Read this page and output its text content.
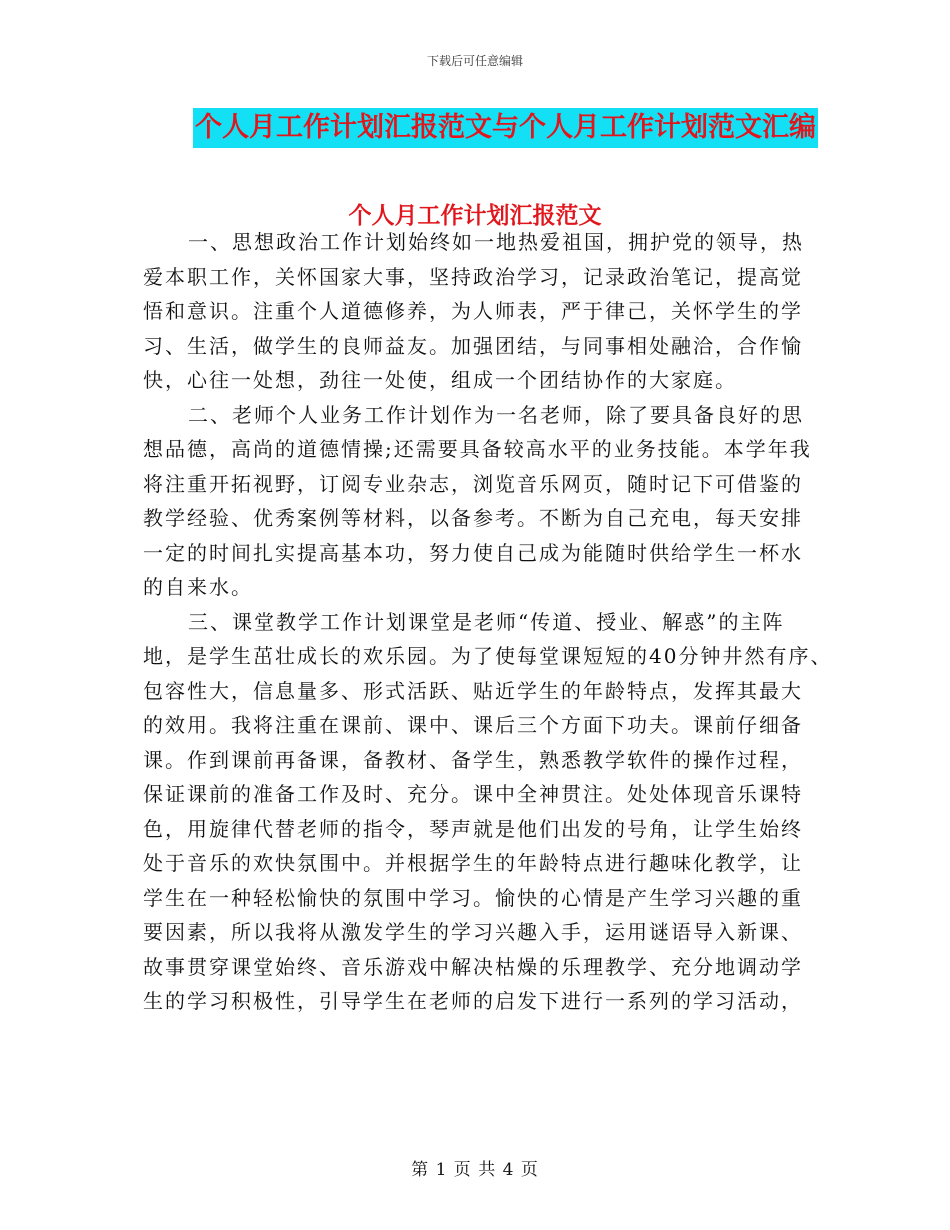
下载后可任意编辑
个人月工作计划汇报范文与个人月工作计划范文汇编
个人月工作计划汇报范文
一、思想政治工作计划始终如一地热爱祖国，拥护党的领导，热
爱本职工作，关怀国家大事，坚持政治学习，记录政治笔记，提高觉
悟和意识。注重个人道德修养，为人师表，严于律己，关怀学生的学
习、生活，做学生的良师益友。加强团结，与同事相处融洽，合作愉
快，心往一处想，劲往一处使，组成一个团结协作的大家庭。
二、老师个人业务工作计划作为一名老师，除了要具备良好的思
想品德，高尚的道德情操;还需要具备较高水平的业务技能。本学年我
将注重开拓视野，订阅专业杂志，浏览音乐网页，随时记下可借鉴的
教学经验、优秀案例等材料，以备参考。不断为自己充电，每天安排
一定的时间扎实提高基本功，努力使自己成为能随时供给学生一杯水
的自来水。
三、课堂教学工作计划课堂是老师“传道、授业、解惑”的主阵
地，是学生茁壮成长的欢乐园。为了使每堂课短短的40分钟井然有序、
包容性大，信息量多、形式活跃、贴近学生的年龄特点，发挥其最大
的效用。我将注重在课前、课中、课后三个方面下功夫。课前仔细备
课。作到课前再备课，备教材、备学生，熟悉教学软件的操作过程，
保证课前的准备工作及时、充分。课中全神贯注。处处体现音乐课特
色，用旋律代替老师的指令，琴声就是他们出发的号角，让学生始终
处于音乐的欢快氛围中。并根据学生的年龄特点进行趣味化教学，让
学生在一种轻松愉快的氛围中学习。愉快的心情是产生学习兴趣的重
要因素，所以我将从激发学生的学习兴趣入手，运用谜语导入新课、
故事贯穿课堂始终、音乐游戏中解决枯燥的乐理教学、充分地调动学
生的学习积极性，引导学生在老师的启发下进行一系列的学习活动，
第 1 页 共 4 页
